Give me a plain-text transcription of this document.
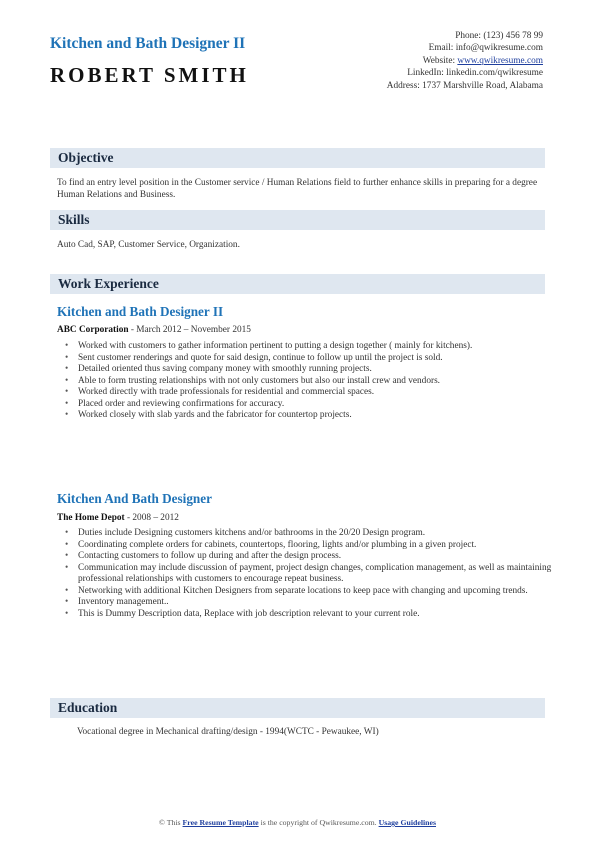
Kitchen and Bath Designer II
ROBERT SMITH
Phone: (123) 456 78 99
Email: info@qwikresume.com
Website: www.qwikresume.com
LinkedIn: linkedin.com/qwikresume
Address: 1737 Marshville Road, Alabama
Objective

To find an entry level position in the Customer service / Human Relations field to further enhance skills in preparing for a degree Human Relations and Business.

Skills

Auto Cad, SAP, Customer Service, Organization.

Work Experience
Kitchen and Bath Designer II
ABC Corporation - March 2012 – November 2015
• Worked with customers to gather information pertinent to putting a design together ( mainly for kitchens).
• Sent customer renderings and quote for said design, continue to follow up until the project is sold.
• Detailed oriented thus saving company money with smoothly running projects.
• Able to form trusting relationships with not only customers but also our install crew and vendors.
• Worked directly with trade professionals for residential and commercial spaces.
• Placed order and reviewing confirmations for accuracy.
• Worked closely with slab yards and the fabricator for countertop projects.
Kitchen And Bath Designer
The Home Depot - 2008 – 2012
• Duties include Designing customers kitchens and/or bathrooms in the 20/20 Design program.
• Coordinating complete orders for cabinets, countertops, flooring, lights and/or plumbing in a given project.
• Contacting customers to follow up during and after the design process.
• Communication may include discussion of payment, project design changes, complication management, as well as maintaining professional relationships with customers to encourage repeat business.
• Networking with additional Kitchen Designers from separate locations to keep pace with changing and upcoming trends.
• Inventory management..
• This is Dummy Description data, Replace with job description relevant to your current role.
Education

Vocational degree in Mechanical drafting/design - 1994(WCTC - Pewaukee, WI)

© This Free Resume Template is the copyright of Qwikresume.com. Usage Guidelines
